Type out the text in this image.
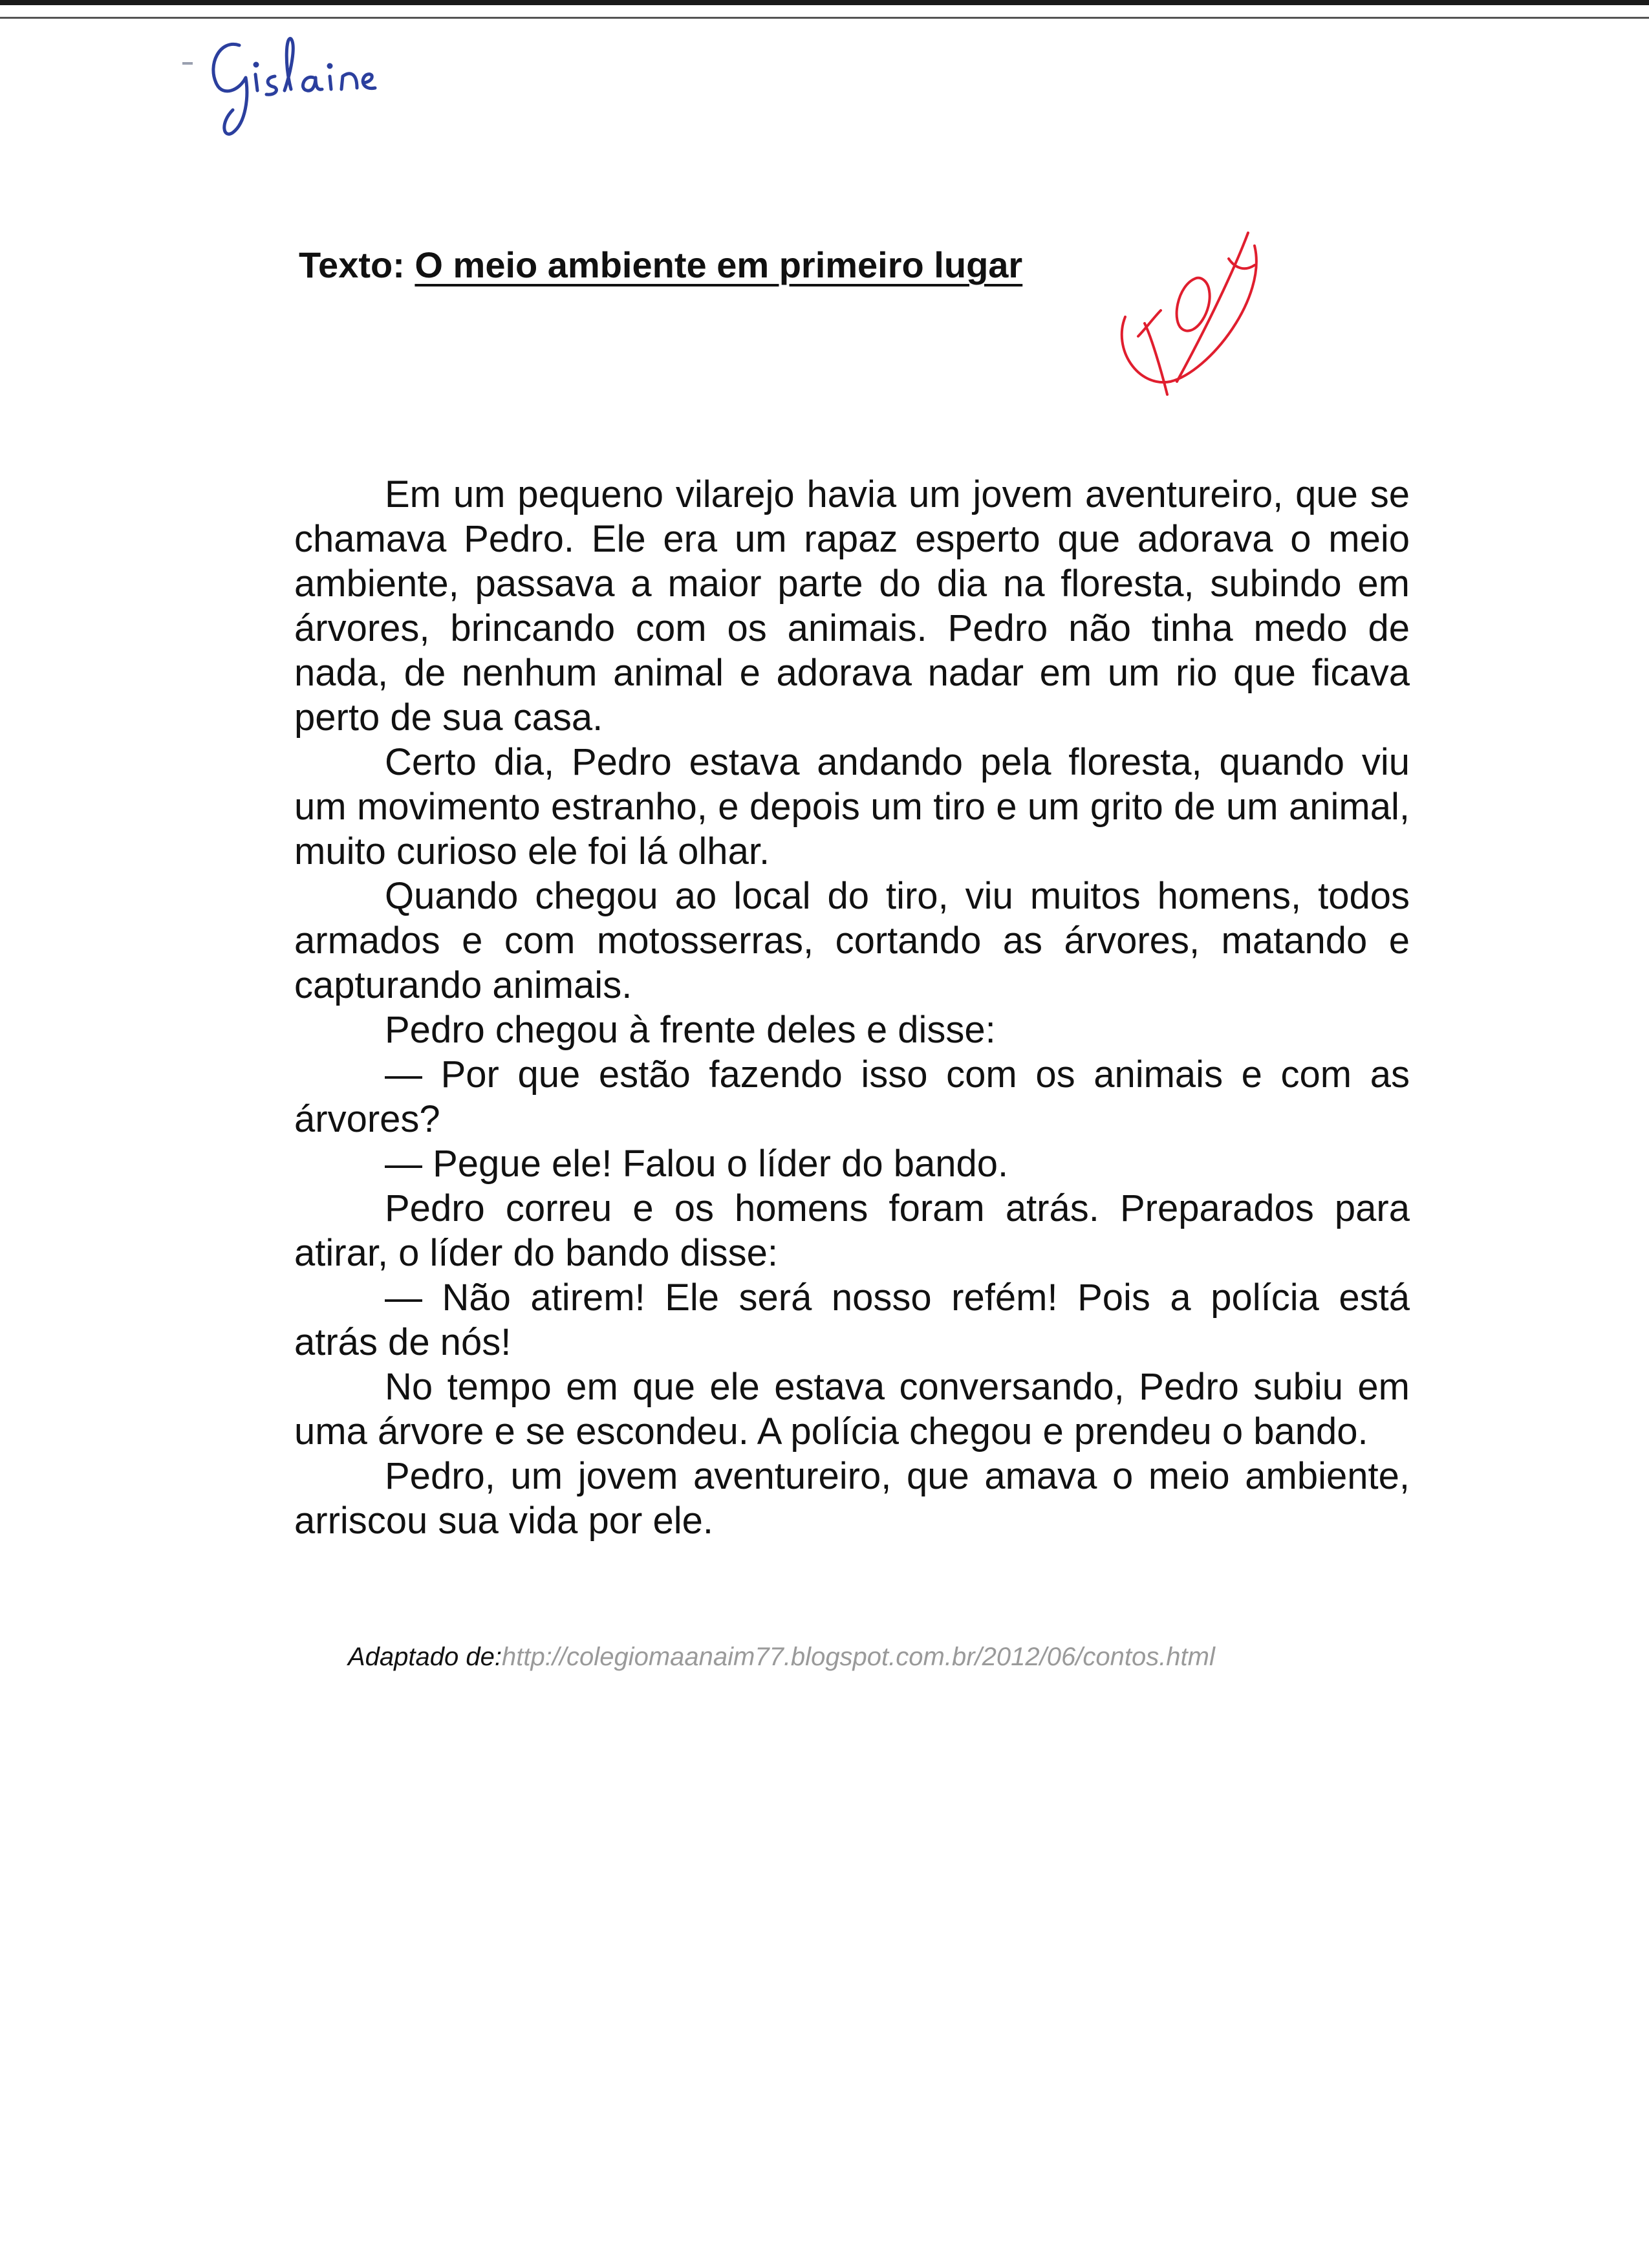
Texto: O meio ambiente em primeiro lugar

Em um pequeno vilarejo havia um jovem aventureiro, que se chamava Pedro. Ele era um rapaz esperto que adorava o meio ambiente, passava a maior parte do dia na floresta, subindo em árvores, brincando com os animais. Pedro não tinha medo de nada, de nenhum animal e adorava nadar em um rio que ficava perto de sua casa.

Certo dia, Pedro estava andando pela floresta, quando viu um movimento estranho, e depois um tiro e um grito de um animal, muito curioso ele foi lá olhar.

Quando chegou ao local do tiro, viu muitos homens, todos armados e com motosserras, cortando as árvores, matando e capturando animais.

Pedro chegou à frente deles e disse:

— Por que estão fazendo isso com os animais e com as árvores?

— Pegue ele! Falou o líder do bando.

Pedro correu e os homens foram atrás. Preparados para atirar, o líder do bando disse:

— Não atirem! Ele será nosso refém! Pois a polícia está atrás de nós!

No tempo em que ele estava conversando, Pedro subiu em uma árvore e se escondeu. A polícia chegou e prendeu o bando.

Pedro, um jovem aventureiro, que amava o meio ambiente, arriscou sua vida por ele.

Adaptado de:http://colegiomaanaim77.blogspot.com.br/2012/06/contos.html
